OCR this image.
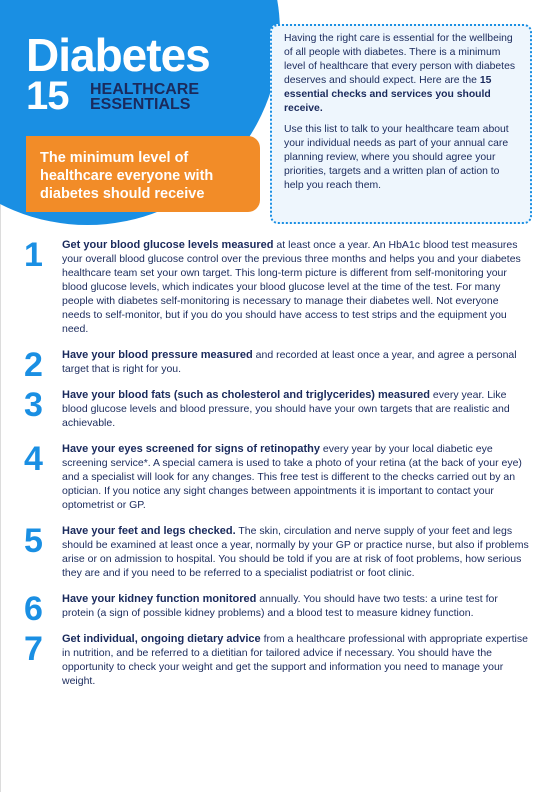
Diabetes
15 HEALTHCARE ESSENTIALS
The minimum level of healthcare everyone with diabetes should receive

Having the right care is essential for the wellbeing of all people with diabetes. There is a minimum level of healthcare that every person with diabetes deserves and should expect. Here are the 15 essential checks and services you should receive.

Use this list to talk to your healthcare team about your individual needs as part of your annual care planning review, where you should agree your priorities, targets and a written plan of action to help you reach them.

1 Get your blood glucose levels measured at least once a year. An HbA1c blood test measures your overall blood glucose control over the previous three months and helps you and your diabetes healthcare team set your own target. This long-term picture is different from self-monitoring your blood glucose levels, which indicates your blood glucose level at the time of the test. For many people with diabetes self-monitoring is necessary to manage their diabetes well. Not everyone needs to self-monitor, but if you do you should have access to test strips and the equipment you need.

2 Have your blood pressure measured and recorded at least once a year, and agree a personal target that is right for you.

3 Have your blood fats (such as cholesterol and triglycerides) measured every year. Like blood glucose levels and blood pressure, you should have your own targets that are realistic and achievable.

4 Have your eyes screened for signs of retinopathy every year by your local diabetic eye screening service*. A special camera is used to take a photo of your retina (at the back of your eye) and a specialist will look for any changes. This free test is different to the checks carried out by an optician. If you notice any sight changes between appointments it is important to contact your optometrist or GP.

5 Have your feet and legs checked. The skin, circulation and nerve supply of your feet and legs should be examined at least once a year, normally by your GP or practice nurse, but also if problems arise or on admission to hospital. You should be told if you are at risk of foot problems, how serious they are and if you need to be referred to a specialist podiatrist or foot clinic.

6 Have your kidney function monitored annually. You should have two tests: a urine test for protein (a sign of possible kidney problems) and a blood test to measure kidney function.

7 Get individual, ongoing dietary advice from a healthcare professional with appropriate expertise in nutrition, and be referred to a dietitian for tailored advice if necessary. You should have the opportunity to check your weight and get the support and information you need to manage your weight.
